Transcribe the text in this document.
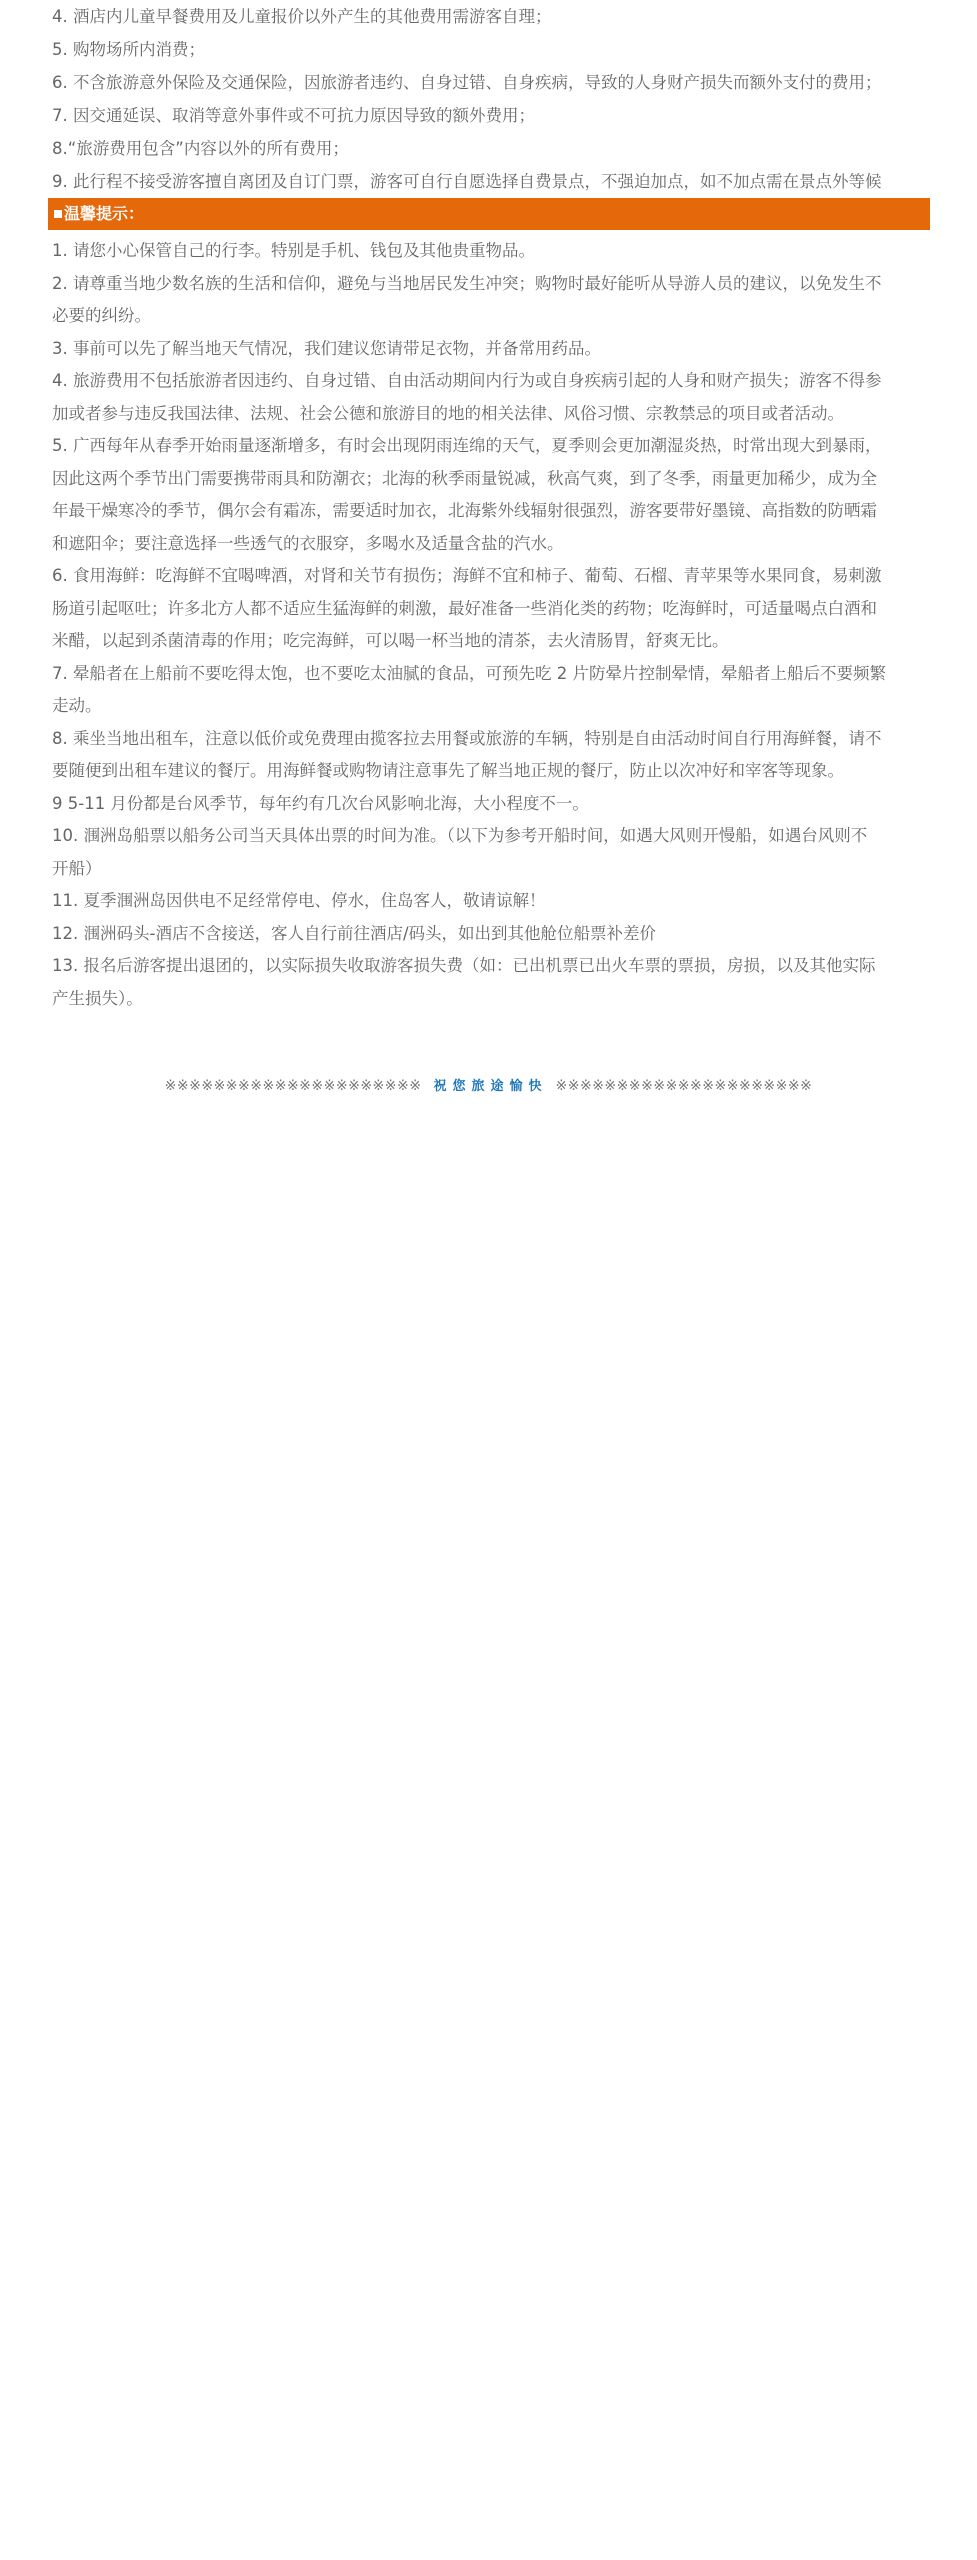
4. 酒店内儿童早餐费用及儿童报价以外产生的其他费用需游客自理；

5. 购物场所内消费；

6. 不含旅游意外保险及交通保险，因旅游者违约、自身过错、自身疾病，导致的人身财产损失而额外支付的费用；

7. 因交通延误、取消等意外事件或不可抗力原因导致的额外费用；

8.“旅游费用包含”内容以外的所有费用；

9. 此行程不接受游客擅自离团及自订门票，游客可自行自愿选择自费景点，不强迫加点，如不加点需在景点外等候

温馨提示：

1. 请您小心保管自己的行李。特别是手机、钱包及其他贵重物品。

2. 请尊重当地少数名族的生活和信仰，避免与当地居民发生冲突；购物时最好能听从导游人员的建议，以免发生不
必要的纠纷。

3. 事前可以先了解当地天气情况，我们建议您请带足衣物，并备常用药品。

4. 旅游费用不包括旅游者因违约、自身过错、自由活动期间内行为或自身疾病引起的人身和财产损失；游客不得参
加或者参与违反我国法律、法规、社会公德和旅游目的地的相关法律、风俗习惯、宗教禁忌的项目或者活动。

5. 广西每年从春季开始雨量逐渐增多，有时会出现阴雨连绵的天气，夏季则会更加潮湿炎热，时常出现大到暴雨，
因此这两个季节出门需要携带雨具和防潮衣；北海的秋季雨量锐减，秋高气爽，到了冬季，雨量更加稀少，成为全
年最干燥寒冷的季节，偶尔会有霜冻，需要适时加衣，北海紫外线辐射很强烈，游客要带好墨镜、高指数的防晒霜
和遮阳伞；要注意选择一些透气的衣服穿，多喝水及适量含盐的汽水。

6. 食用海鲜：吃海鲜不宜喝啤酒，对肾和关节有损伤；海鲜不宜和柿子、葡萄、石榴、青苹果等水果同食，易刺激
肠道引起呕吐；许多北方人都不适应生猛海鲜的刺激，最好准备一些消化类的药物；吃海鲜时，可适量喝点白酒和
米醋，以起到杀菌清毒的作用；吃完海鲜，可以喝一杯当地的清茶，去火清肠胃，舒爽无比。

7. 晕船者在上船前不要吃得太饱，也不要吃太油腻的食品，可预先吃 2 片防晕片控制晕情，晕船者上船后不要频繁
走动。

8. 乘坐当地出租车，注意以低价或免费理由揽客拉去用餐或旅游的车辆，特别是自由活动时间自行用海鲜餐，请不
要随便到出租车建议的餐厅。用海鲜餐或购物请注意事先了解当地正规的餐厅，防止以次冲好和宰客等现象。

9 5-11 月份都是台风季节，每年约有几次台风影响北海，大小程度不一。

10. 涠洲岛船票以船务公司当天具体出票的时间为准。（以下为参考开船时间，如遇大风则开慢船，如遇台风则不
开船）

11. 夏季涠洲岛因供电不足经常停电、停水，住岛客人，敬请谅解！

12. 涠洲码头-酒店不含接送，客人自行前往酒店/码头，如出到其他舱位船票补差价

13. 报名后游客提出退团的，以实际损失收取游客损失费（如：已出机票已出火车票的票损，房损，以及其他实际
产生损失）。

※※※※※※※※※※※※※※※※※※※※※ 祝您旅途愉快 ※※※※※※※※※※※※※※※※※※※※※
